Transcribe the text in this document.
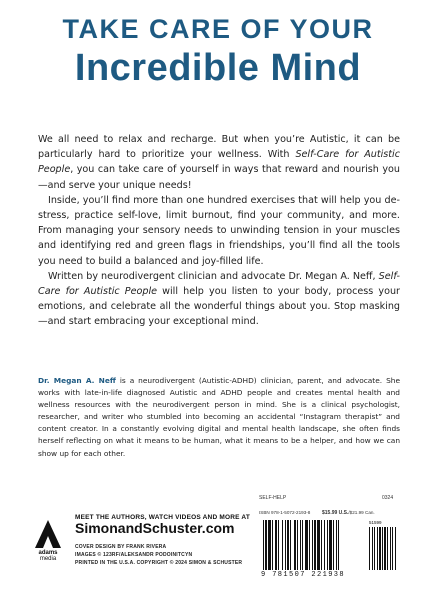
TAKE CARE OF YOUR
Incredible Mind

We all need to relax and recharge. But when you’re Autistic, it can be particularly hard to prioritize your wellness. With Self-Care for Autistic People, you can take care of yourself in ways that reward and nourish you—and serve your unique needs!

Inside, you’ll find more than one hundred exercises that will help you de-stress, practice self-love, limit burnout, find your community, and more. From managing your sensory needs to unwinding tension in your muscles and identifying red and green flags in friendships, you’ll find all the tools you need to build a balanced and joy-filled life.

Written by neurodivergent clinician and advocate Dr. Megan A. Neff, Self-Care for Autistic People will help you listen to your body, process your emotions, and celebrate all the wonderful things about you. Stop masking—and start embracing your exceptional mind.

Dr. Megan A. Neff is a neurodivergent (Autistic-ADHD) clinician, parent, and advocate. She works with late-in-life diagnosed Autistic and ADHD people and creates mental health and wellness resources with the neurodivergent person in mind. She is a clinical psychologist, researcher, and writer who stumbled into becoming an accidental “Instagram therapist” and content creator. In a constantly evolving digital and mental health landscape, she often finds herself reflecting on what it means to be human, what it means to be a helper, and how we can show up for each other.
SELF-HELP	0324
ISBN 978-1-5072-2193-8 $15.99 U.S./$21.99 Can.
adams
media
MEET THE AUTHORS, WATCH VIDEOS AND MORE AT
SimonandSchuster.com
COVER DESIGN BY FRANK RIVERA
IMAGES © 123RF/ALEKSANDR PODOINITCYN
PRINTED IN THE U.S.A. COPYRIGHT © 2024 SIMON & SCHUSTER
51599
9 781507 221938
